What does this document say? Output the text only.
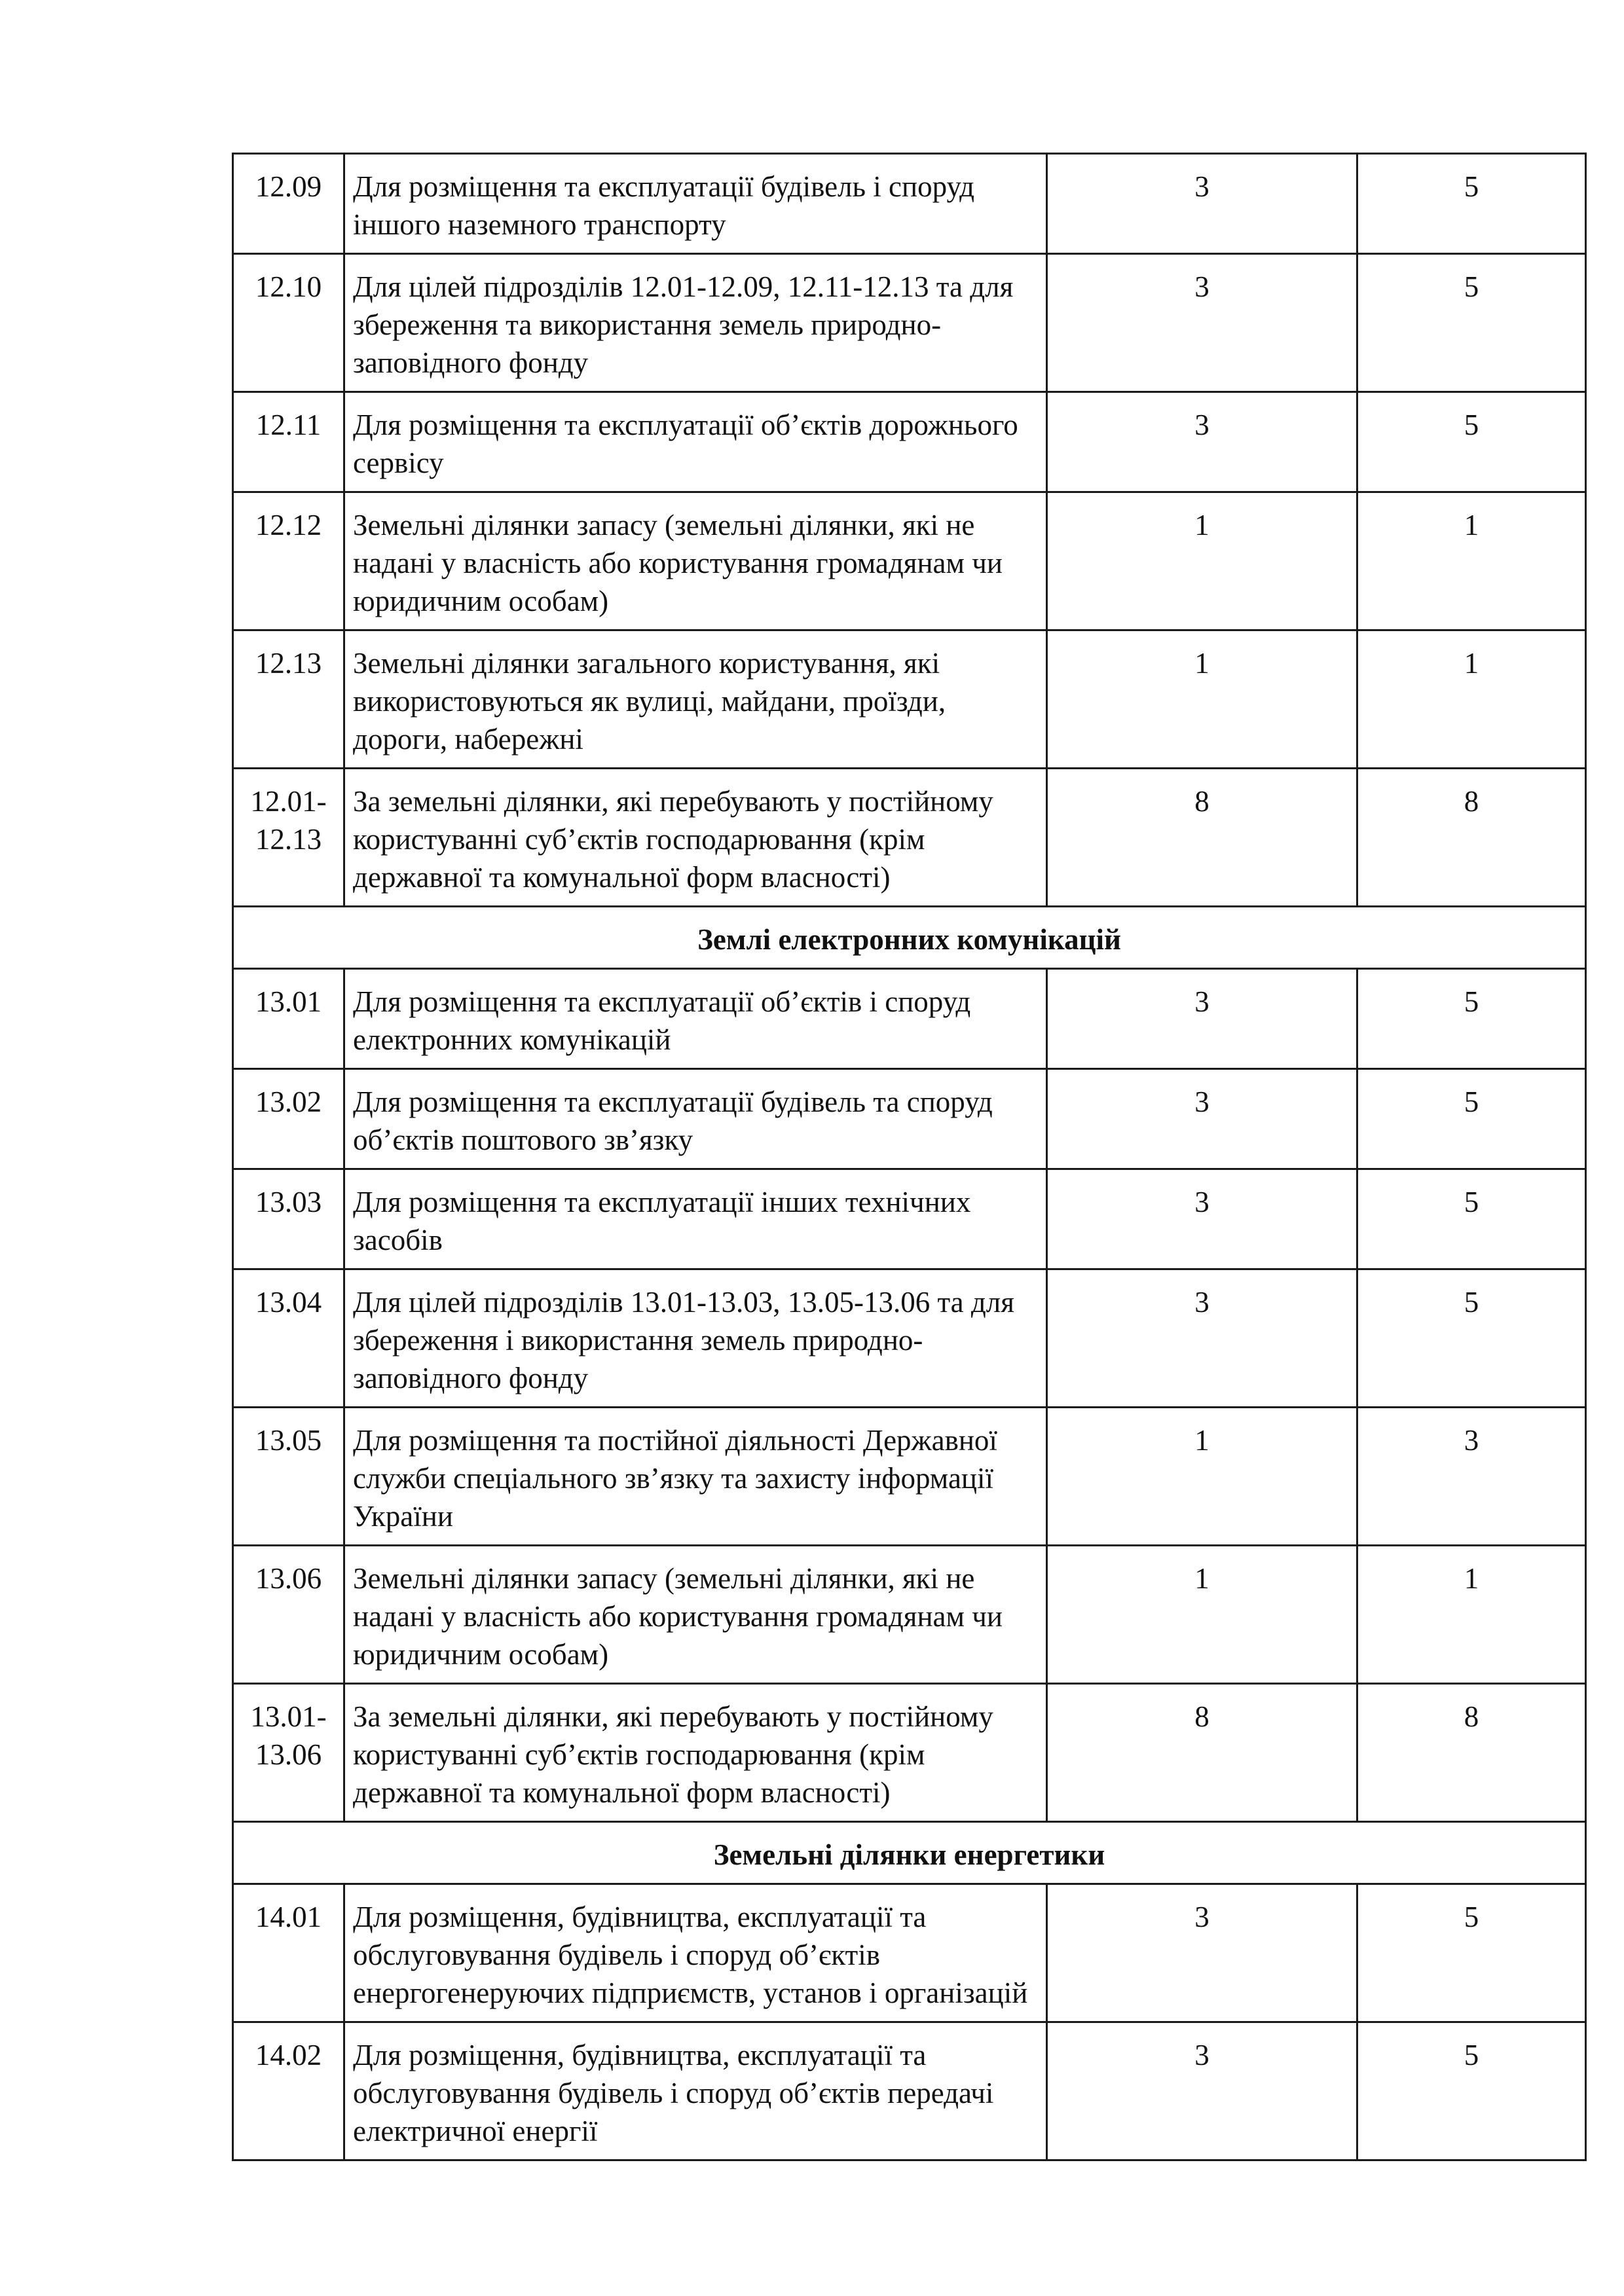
12.09	Для розміщення та експлуатації будівель і споруд іншого наземного транспорту	3	5
12.10	Для цілей підрозділів 12.01-12.09, 12.11-12.13 та для збереження та використання земель природно-заповідного фонду	3	5
12.11	Для розміщення та експлуатації об’єктів дорожнього сервісу	3	5
12.12	Земельні ділянки запасу (земельні ділянки, які не надані у власність або користування громадянам чи юридичним особам)	1	1
12.13	Земельні ділянки загального користування, які використовуються як вулиці, майдани, проїзди, дороги, набережні	1	1
12.01-12.13	За земельні ділянки, які перебувають у постійному користуванні суб’єктів господарювання (крім державної та комунальної форм власності)	8	8
Землі електронних комунікацій			
13.01	Для розміщення та експлуатації об’єктів і споруд електронних комунікацій	3	5
13.02	Для розміщення та експлуатації будівель та споруд об’єктів поштового зв’язку	3	5
13.03	Для розміщення та експлуатації інших технічних засобів	3	5
13.04	Для цілей підрозділів 13.01-13.03, 13.05-13.06 та для збереження і використання земель природно-заповідного фонду	3	5
13.05	Для розміщення та постійної діяльності Державної служби спеціального зв’язку та захисту інформації України	1	3
13.06	Земельні ділянки запасу (земельні ділянки, які не надані у власність або користування громадянам чи юридичним особам)	1	1
13.01-13.06	За земельні ділянки, які перебувають у постійному користуванні суб’єктів господарювання (крім державної та комунальної форм власності)	8	8
Земельні ділянки енергетики			
14.01	Для розміщення, будівництва, експлуатації та обслуговування будівель і споруд об’єктів енергогенеруючих підприємств, установ і організацій	3	5
14.02	Для розміщення, будівництва, експлуатації та обслуговування будівель і споруд об’єктів передачі електричної енергії	3	5
